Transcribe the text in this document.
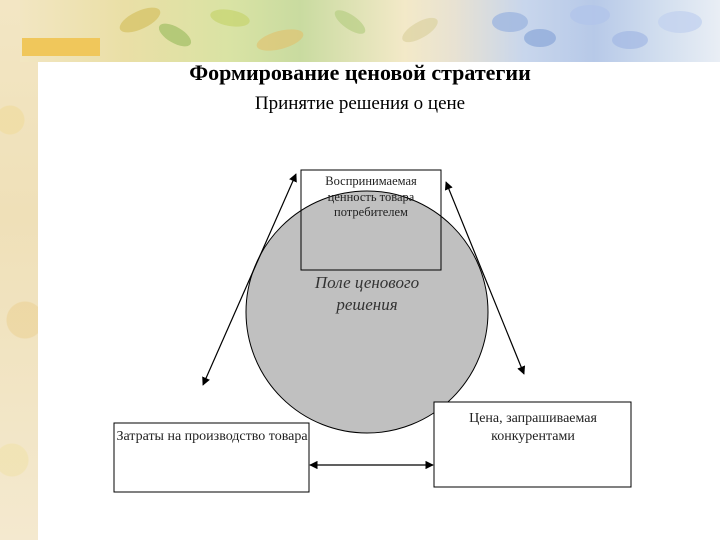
Формирование ценовой стратегии
Принятие решения о цене
Воспринимаемая ценность товара потребителем
Поле ценового решения
Затраты на производство товара
Цена, запрашиваемая конкурентами
